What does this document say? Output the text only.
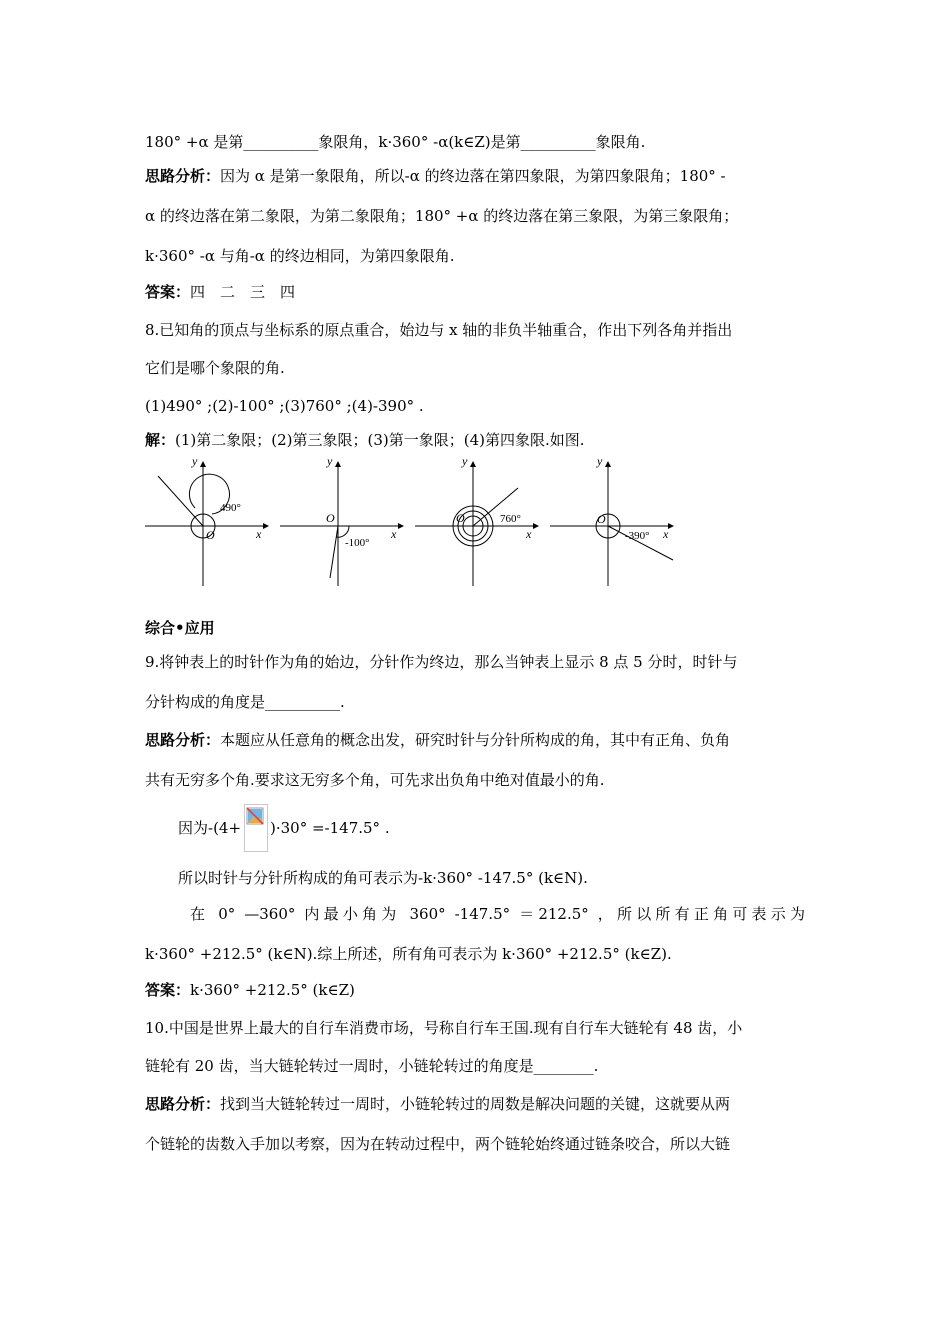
180° +α 是第__________象限角，k·360° -α(k∈Z)是第__________象限角.
思路分析：因为 α 是第一象限角，所以-α 的终边落在第四象限，为第四象限角；180° -
α 的终边落在第二象限，为第二象限角；180° +α 的终边落在第三象限，为第三象限角；
k·360° -α 与角-α 的终边相同，为第四象限角.
答案：四　二　三　四
8.已知角的顶点与坐标系的原点重合，始边与 x 轴的非负半轴重合，作出下列各角并指出
它们是哪个象限的角.
(1)490° ;(2)-100° ;(3)760° ;(4)-390° .
解：(1)第二象限；(2)第三象限；(3)第一象限；(4)第四象限.如图.
y
x
O
490°
y
x
O
-100°
y
x
O	760°
y
x
O
-390°
综合•应用
9.将钟表上的时针作为角的始边，分针作为终边，那么当钟表上显示 8 点 5 分时，时针与
分针构成的角度是__________.
思路分析：本题应从任意角的概念出发，研究时针与分针所构成的角，其中有正角、负角
共有无穷多个角.要求这无穷多个角，可先求出负角中绝对值最小的角.
因为-(4+ )·30° =-147.5° .
所以时针与分针所构成的角可表示为-k·360° -147.5° (k∈N).
在 0° —360° 内最小角为 360° -147.5° ＝212.5° ，所以所有正角可表示为
k·360° +212.5° (k∈N).综上所述，所有角可表示为 k·360° +212.5° (k∈Z).
答案：k·360° +212.5° (k∈Z)
10.中国是世界上最大的自行车消费市场，号称自行车王国.现有自行车大链轮有 48 齿，小
链轮有 20 齿，当大链轮转过一周时，小链轮转过的角度是________.
思路分析：找到当大链轮转过一周时，小链轮转过的周数是解决问题的关键，这就要从两
个链轮的齿数入手加以考察，因为在转动过程中，两个链轮始终通过链条咬合，所以大链
